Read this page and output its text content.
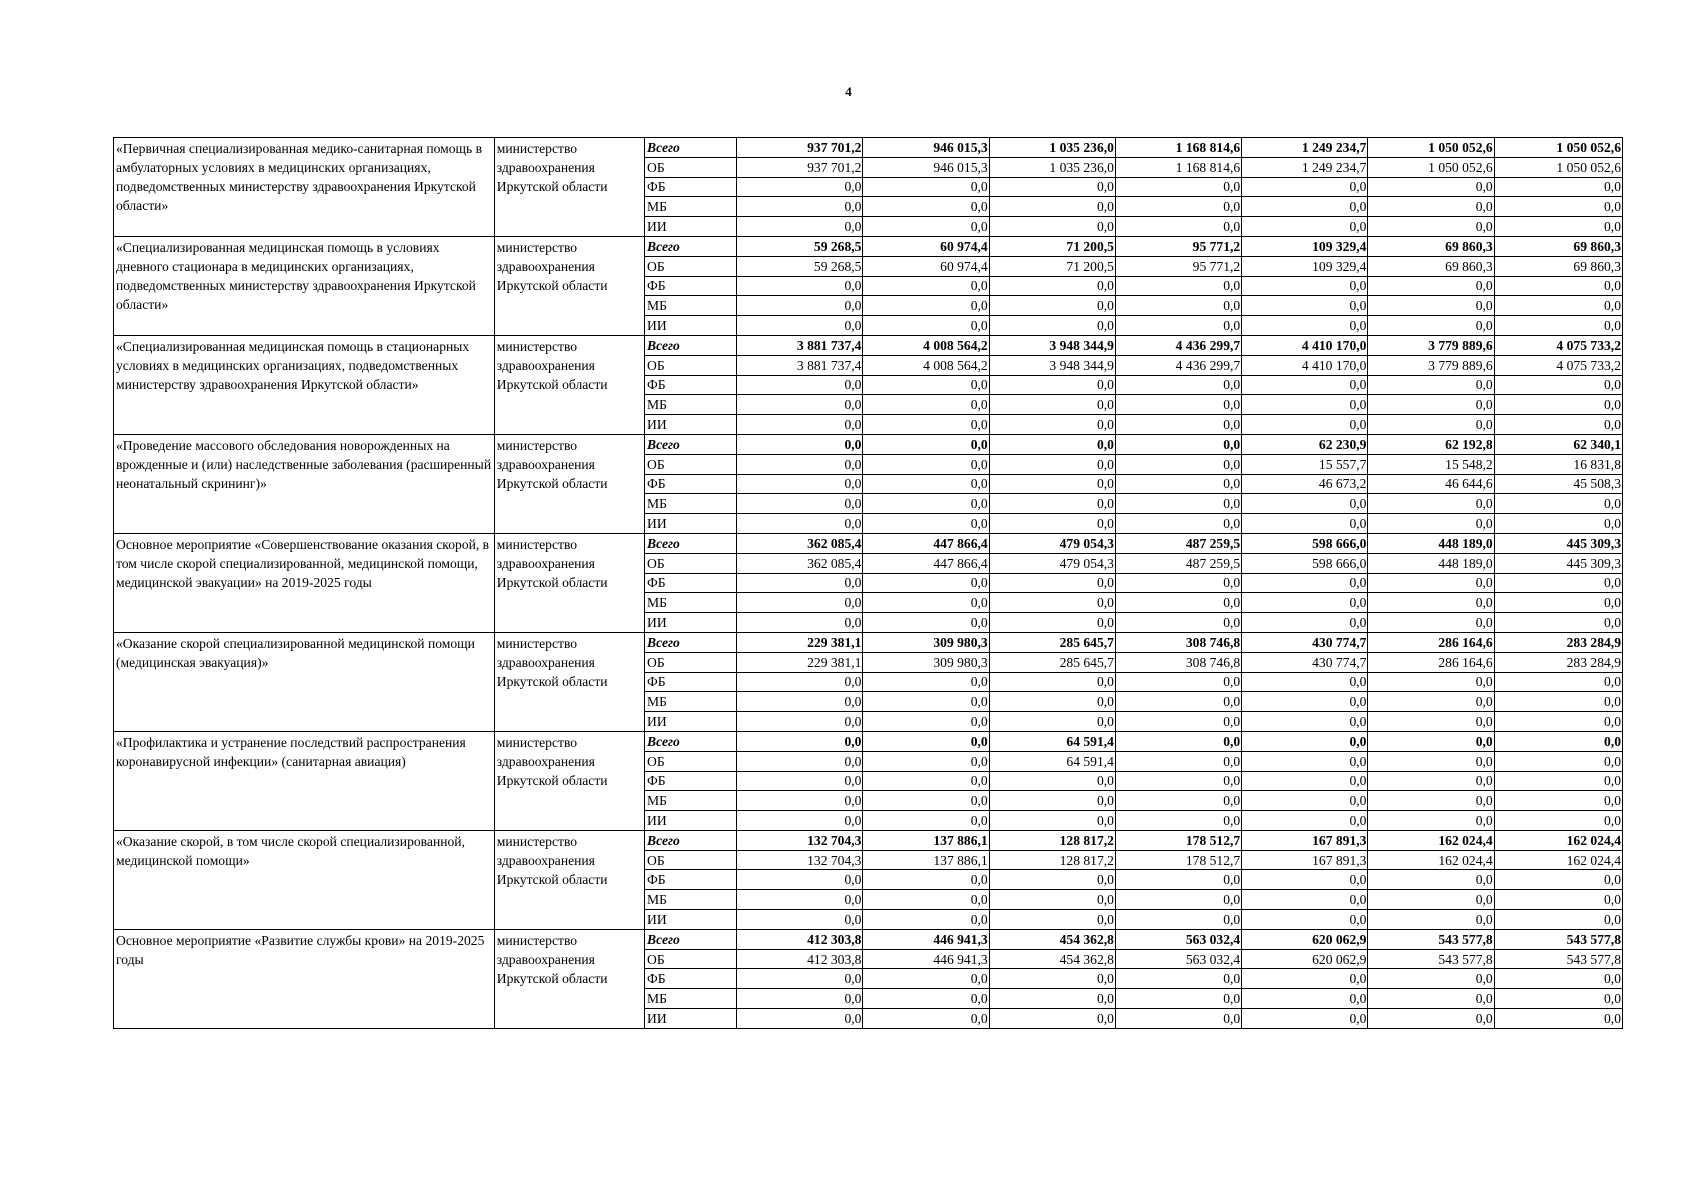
4
«Первичная специализированная медико-санитарная помощь в амбулаторных условиях в медицинских организациях, подведомственных министерству здравоохранения Иркутской области»	министерство здравоохранения Иркутской области	Всего	937 701,2	946 015,3	1 035 236,0	1 168 814,6	1 249 234,7	1 050 052,6	1 050 052,6
		ОБ	937 701,2	946 015,3	1 035 236,0	1 168 814,6	1 249 234,7	1 050 052,6	1 050 052,6
		ФБ	0,0	0,0	0,0	0,0	0,0	0,0	0,0
		МБ	0,0	0,0	0,0	0,0	0,0	0,0	0,0
		ИИ	0,0	0,0	0,0	0,0	0,0	0,0	0,0
«Специализированная медицинская помощь в условиях дневного стационара в медицинских организациях, подведомственных министерству здравоохранения Иркутской области»	министерство здравоохранения Иркутской области	Всего	59 268,5	60 974,4	71 200,5	95 771,2	109 329,4	69 860,3	69 860,3
		ОБ	59 268,5	60 974,4	71 200,5	95 771,2	109 329,4	69 860,3	69 860,3
		ФБ	0,0	0,0	0,0	0,0	0,0	0,0	0,0
		МБ	0,0	0,0	0,0	0,0	0,0	0,0	0,0
		ИИ	0,0	0,0	0,0	0,0	0,0	0,0	0,0
«Специализированная медицинская помощь в стационарных условиях в медицинских организациях, подведомственных министерству здравоохранения Иркутской области»	министерство здравоохранения Иркутской области	Всего	3 881 737,4	4 008 564,2	3 948 344,9	4 436 299,7	4 410 170,0	3 779 889,6	4 075 733,2
		ОБ	3 881 737,4	4 008 564,2	3 948 344,9	4 436 299,7	4 410 170,0	3 779 889,6	4 075 733,2
		ФБ	0,0	0,0	0,0	0,0	0,0	0,0	0,0
		МБ	0,0	0,0	0,0	0,0	0,0	0,0	0,0
		ИИ	0,0	0,0	0,0	0,0	0,0	0,0	0,0
«Проведение массового обследования новорожденных на врожденные и (или) наследственные заболевания (расширенный неонатальный скрининг)»	министерство здравоохранения Иркутской области	Всего	0,0	0,0	0,0	0,0	62 230,9	62 192,8	62 340,1
		ОБ	0,0	0,0	0,0	0,0	15 557,7	15 548,2	16 831,8
		ФБ	0,0	0,0	0,0	0,0	46 673,2	46 644,6	45 508,3
		МБ	0,0	0,0	0,0	0,0	0,0	0,0	0,0
		ИИ	0,0	0,0	0,0	0,0	0,0	0,0	0,0
Основное мероприятие «Совершенствование оказания скорой, в том числе скорой специализированной, медицинской помощи, медицинской эвакуации» на 2019-2025 годы	министерство здравоохранения Иркутской области	Всего	362 085,4	447 866,4	479 054,3	487 259,5	598 666,0	448 189,0	445 309,3
		ОБ	362 085,4	447 866,4	479 054,3	487 259,5	598 666,0	448 189,0	445 309,3
		ФБ	0,0	0,0	0,0	0,0	0,0	0,0	0,0
		МБ	0,0	0,0	0,0	0,0	0,0	0,0	0,0
		ИИ	0,0	0,0	0,0	0,0	0,0	0,0	0,0
«Оказание скорой специализированной медицинской помощи (медицинская эвакуация)»	министерство здравоохранения Иркутской области	Всего	229 381,1	309 980,3	285 645,7	308 746,8	430 774,7	286 164,6	283 284,9
		ОБ	229 381,1	309 980,3	285 645,7	308 746,8	430 774,7	286 164,6	283 284,9
		ФБ	0,0	0,0	0,0	0,0	0,0	0,0	0,0
		МБ	0,0	0,0	0,0	0,0	0,0	0,0	0,0
		ИИ	0,0	0,0	0,0	0,0	0,0	0,0	0,0
«Профилактика и устранение последствий распространения коронавирусной инфекции» (санитарная авиация)	министерство здравоохранения Иркутской области	Всего	0,0	0,0	64 591,4	0,0	0,0	0,0	0,0
		ОБ	0,0	0,0	64 591,4	0,0	0,0	0,0	0,0
		ФБ	0,0	0,0	0,0	0,0	0,0	0,0	0,0
		МБ	0,0	0,0	0,0	0,0	0,0	0,0	0,0
		ИИ	0,0	0,0	0,0	0,0	0,0	0,0	0,0
«Оказание скорой, в том числе скорой специализированной, медицинской помощи»	министерство здравоохранения Иркутской области	Всего	132 704,3	137 886,1	128 817,2	178 512,7	167 891,3	162 024,4	162 024,4
		ОБ	132 704,3	137 886,1	128 817,2	178 512,7	167 891,3	162 024,4	162 024,4
		ФБ	0,0	0,0	0,0	0,0	0,0	0,0	0,0
		МБ	0,0	0,0	0,0	0,0	0,0	0,0	0,0
		ИИ	0,0	0,0	0,0	0,0	0,0	0,0	0,0
Основное мероприятие «Развитие службы крови» на 2019-2025 годы	министерство здравоохранения Иркутской области	Всего	412 303,8	446 941,3	454 362,8	563 032,4	620 062,9	543 577,8	543 577,8
		ОБ	412 303,8	446 941,3	454 362,8	563 032,4	620 062,9	543 577,8	543 577,8
		ФБ	0,0	0,0	0,0	0,0	0,0	0,0	0,0
		МБ	0,0	0,0	0,0	0,0	0,0	0,0	0,0
		ИИ	0,0	0,0	0,0	0,0	0,0	0,0	0,0
